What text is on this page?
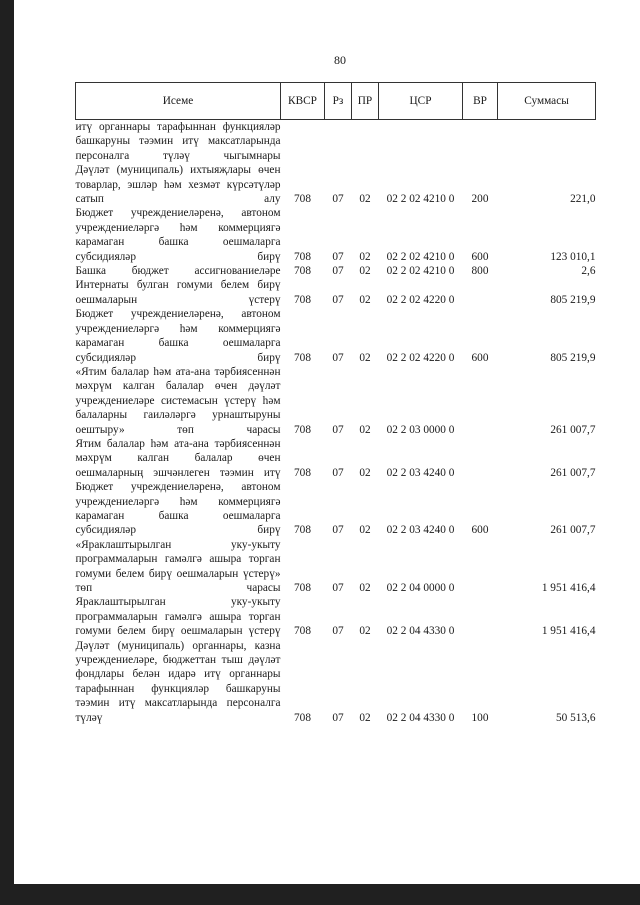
80
Исеме	КВСР	Рз	ПР	ЦСР	ВР	Суммасы

итү органнары тарафыннан функцияләр башкаруны тәэмин итү максатларында персоналга түләү чыгымнары						

Дәүләт (муниципаль) ихтыяҗлары өчен товарлар, эшләр һәм хезмәт күрсәтүләр сатып алу	708	07	02	02 2 02 4210 0	200	221,0

Бюджет учреждениеләренә, автоном учреждениеләргә һәм коммерциягә карамаган башка оешмаларга субсидияләр бирү	708	07	02	02 2 02 4210 0	600	123 010,1

Башка бюджет ассигнованиеләре	708	07	02	02 2 02 4210 0	800	2,6

Интернаты булган гомуми белем бирү оешмаларын үстерү	708	07	02	02 2 02 4220 0		805 219,9

Бюджет учреждениеләренә, автоном учреждениеләргә һәм коммерциягә карамаган башка оешмаларга субсидияләр бирү	708	07	02	02 2 02 4220 0	600	805 219,9

«Ятим балалар һәм ата-ана тәрбиясеннән мәхрүм калган балалар өчен дәүләт учреждениеләре системасын үстерү һәм балаларны гаиләләргә урнаштыруны оештыру» төп чарасы	708	07	02	02 2 03 0000 0		261 007,7

Ятим балалар һәм ата-ана тәрбиясеннән мәхрүм калган балалар өчен оешмаларның эшчәнлеген тәэмин итү	708	07	02	02 2 03 4240 0		261 007,7

Бюджет учреждениеләренә, автоном учреждениеләргә һәм коммерциягә карамаган башка оешмаларга субсидияләр бирү	708	07	02	02 2 03 4240 0	600	261 007,7

«Яраклаштырылган уку-укыту программаларын гамәлгә ашыра торган гомуми белем бирү оешмаларын үстерү» төп чарасы	708	07	02	02 2 04 0000 0		1 951 416,4

Яраклаштырылган уку-укыту программаларын гамәлгә ашыра торган гомуми белем бирү оешмаларын үстерү	708	07	02	02 2 04 4330 0		1 951 416,4

Дәүләт (муниципаль) органнары, казна учреждениеләре, бюджеттан тыш дәүләт фондлары белән идарә итү органнары тарафыннан функцияләр башкаруны тәэмин итү максатларында персоналга түләү	708	07	02	02 2 04 4330 0	100	50 513,6
